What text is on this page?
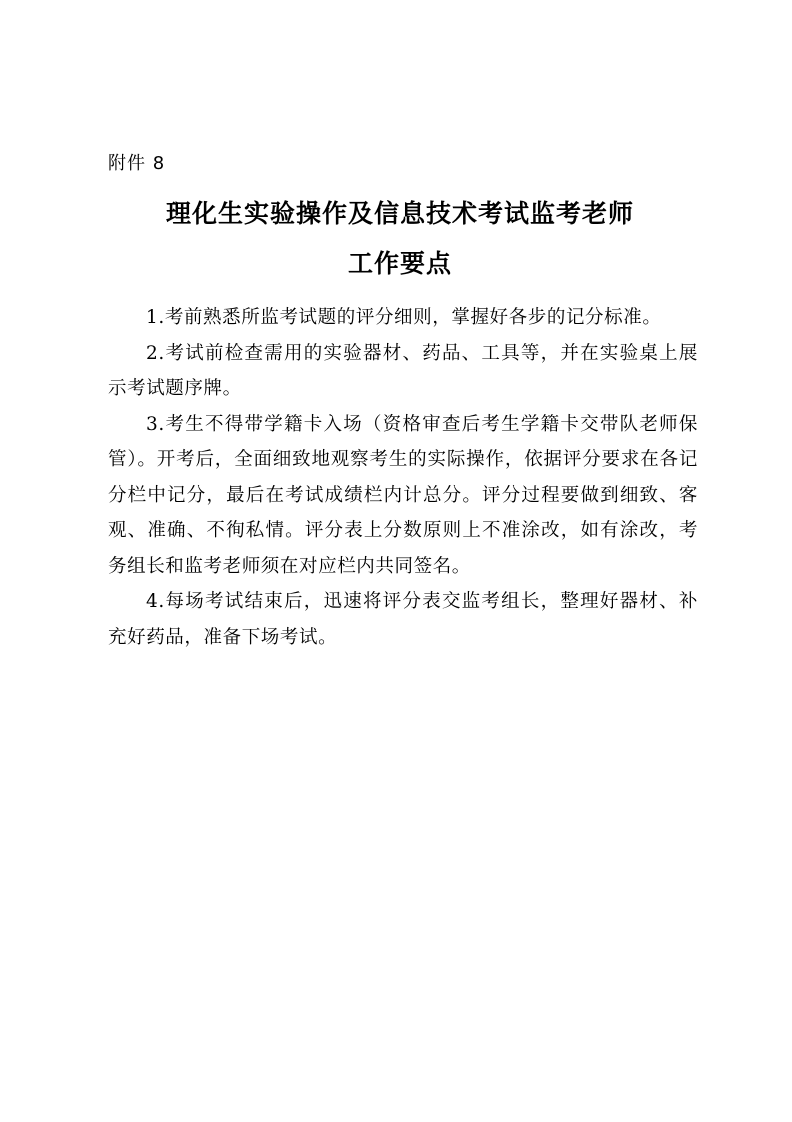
附件 8
理化生实验操作及信息技术考试监考老师
工作要点

1.考前熟悉所监考试题的评分细则，掌握好各步的记分标准。

2.考试前检查需用的实验器材、药品、工具等，并在实验桌上展示考试题序牌。

3.考生不得带学籍卡入场（资格审查后考生学籍卡交带队老师保管）。开考后，全面细致地观察考生的实际操作，依据评分要求在各记分栏中记分，最后在考试成绩栏内计总分。评分过程要做到细致、客观、准确、不徇私情。评分表上分数原则上不准涂改，如有涂改，考务组长和监考老师须在对应栏内共同签名。

4.每场考试结束后，迅速将评分表交监考组长，整理好器材、补充好药品，准备下场考试。
